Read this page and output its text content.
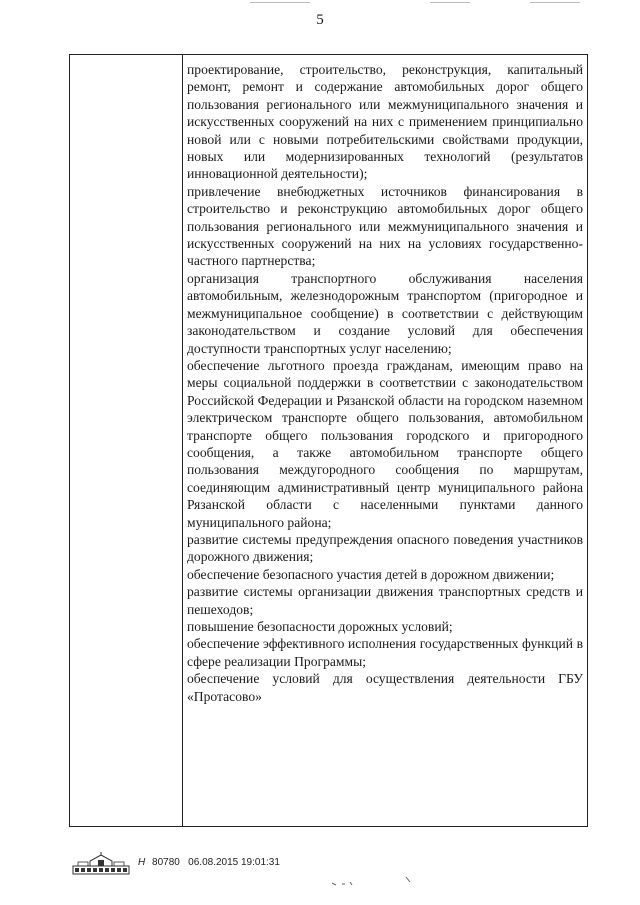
5

проектирование, строительство, реконструкция, капитальный ремонт, ремонт и содержание автомобильных дорог общего пользования регионального или межмуниципального значения и искусственных сооружений на них с применением принципиально новой или с новыми потребительскими свойствами продукции, новых или модернизированных технологий (результатов инновационной деятельности);

привлечение внебюджетных источников финансирования в строительство и реконструкцию автомобильных дорог общего пользования регионального или межмуниципального значения и искусственных сооружений на них на условиях государственно-частного партнерства;

организация транспортного обслуживания населения автомобильным, железнодорожным транспортом (пригородное и межмуниципальное сообщение) в соответствии с действующим законодательством и создание условий для обеспечения доступности транспортных услуг населению;

обеспечение льготного проезда гражданам, имеющим право на меры социальной поддержки в соответствии с законодательством Российской Федерации и Рязанской области на городском наземном электрическом транспорте общего пользования, автомобильном транспорте общего пользования городского и пригородного сообщения, а также автомобильном транспорте общего пользования междугородного сообщения по маршрутам, соединяющим административный центр муниципального района Рязанской области с населенными пунктами данного муниципального района;

развитие системы предупреждения опасного поведения участников дорожного движения;

обеспечение безопасного участия детей в дорожном движении;

развитие системы организации движения транспортных средств и пешеходов;

повышение безопасности дорожных условий;

обеспечение эффективного исполнения государственных функций в сфере реализации Программы;

обеспечение условий для осуществления деятельности ГБУ «Протасово»

Н 80780 06.08.2015 19:01:31
